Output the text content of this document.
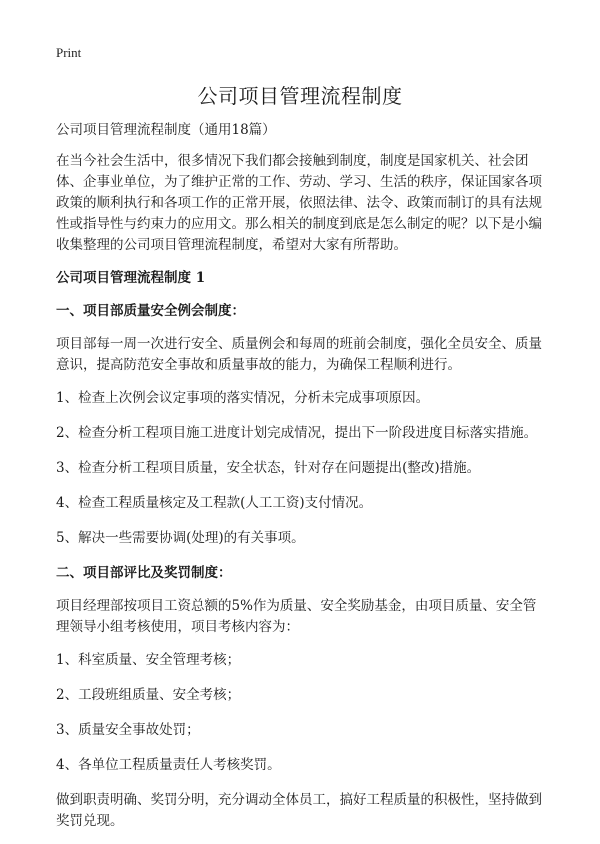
Print
公司项目管理流程制度

公司项目管理流程制度（通用18篇）

在当今社会生活中，很多情况下我们都会接触到制度，制度是国家机关、社会团体、企事业单位，为了维护正常的工作、劳动、学习、生活的秩序，保证国家各项政策的顺利执行和各项工作的正常开展，依照法律、法令、政策而制订的具有法规性或指导性与约束力的应用文。那么相关的制度到底是怎么制定的呢？以下是小编收集整理的公司项目管理流程制度，希望对大家有所帮助。

公司项目管理流程制度 1

一、项目部质量安全例会制度：

项目部每一周一次进行安全、质量例会和每周的班前会制度，强化全员安全、质量意识，提高防范安全事故和质量事故的能力，为确保工程顺利进行。

1、检查上次例会议定事项的落实情况，分析未完成事项原因。

2、检查分析工程项目施工进度计划完成情况，提出下一阶段进度目标落实措施。

3、检查分析工程项目质量，安全状态，针对存在问题提出(整改)措施。

4、检查工程质量核定及工程款(人工工资)支付情况。

5、解决一些需要协调(处理)的有关事项。

二、项目部评比及奖罚制度：

项目经理部按项目工资总额的5%作为质量、安全奖励基金，由项目质量、安全管理领导小组考核使用，项目考核内容为：

1、科室质量、安全管理考核；

2、工段班组质量、安全考核；

3、质量安全事故处罚；

4、各单位工程质量责任人考核奖罚。

做到职责明确、奖罚分明，充分调动全体员工，搞好工程质量的积极性，坚持做到奖罚兑现。
